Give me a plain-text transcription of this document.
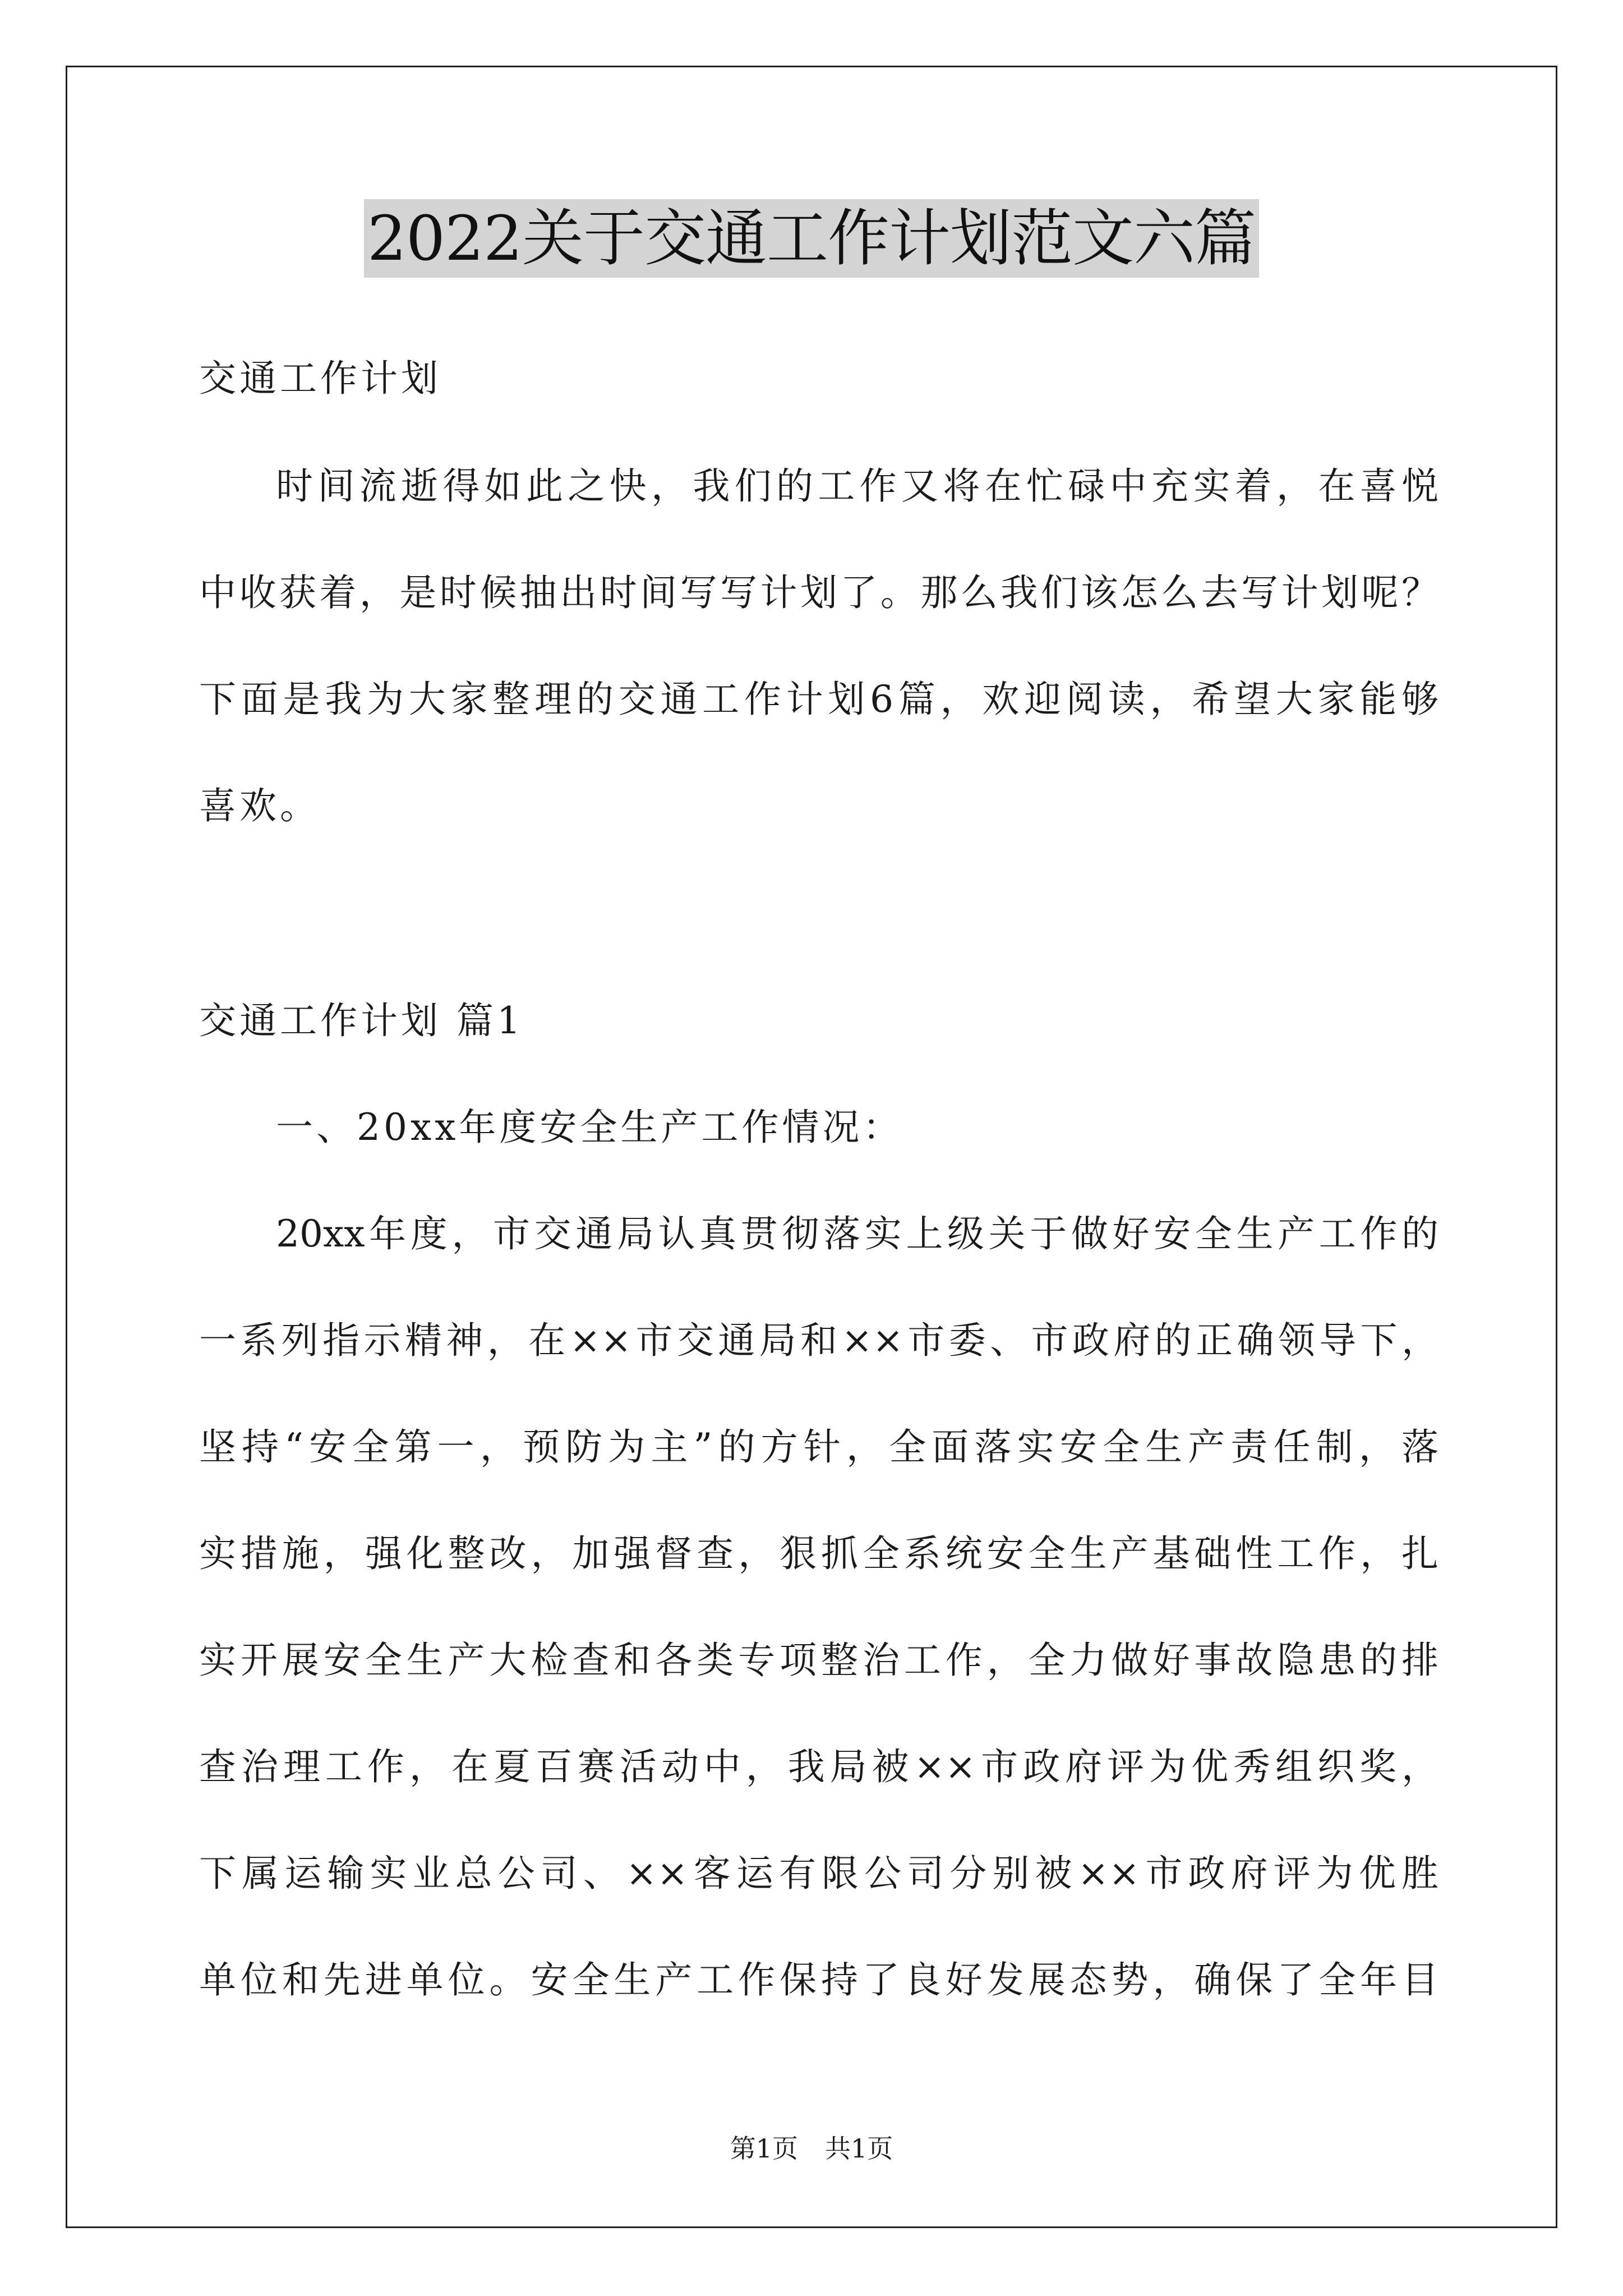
2022关于交通工作计划范文六篇
交通工作计划
时间流逝得如此之快，我们的工作又将在忙碌中充实着，在喜悦
中收获着，是时候抽出时间写写计划了。那么我们该怎么去写计划呢？
下面是我为大家整理的交通工作计划6篇，欢迎阅读，希望大家能够
喜欢。
交通工作计划 篇1
一、20xx年度安全生产工作情况：
20xx年度，市交通局认真贯彻落实上级关于做好安全生产工作的
一系列指示精神，在××市交通局和××市委、市政府的正确领导下，
坚持“安全第一，预防为主”的方针，全面落实安全生产责任制，落
实措施，强化整改，加强督查，狠抓全系统安全生产基础性工作，扎
实开展安全生产大检查和各类专项整治工作，全力做好事故隐患的排
查治理工作，在夏百赛活动中，我局被××市政府评为优秀组织奖，
下属运输实业总公司、××客运有限公司分别被××市政府评为优胜
单位和先进单位。安全生产工作保持了良好发展态势，确保了全年目
第1页 共1页
